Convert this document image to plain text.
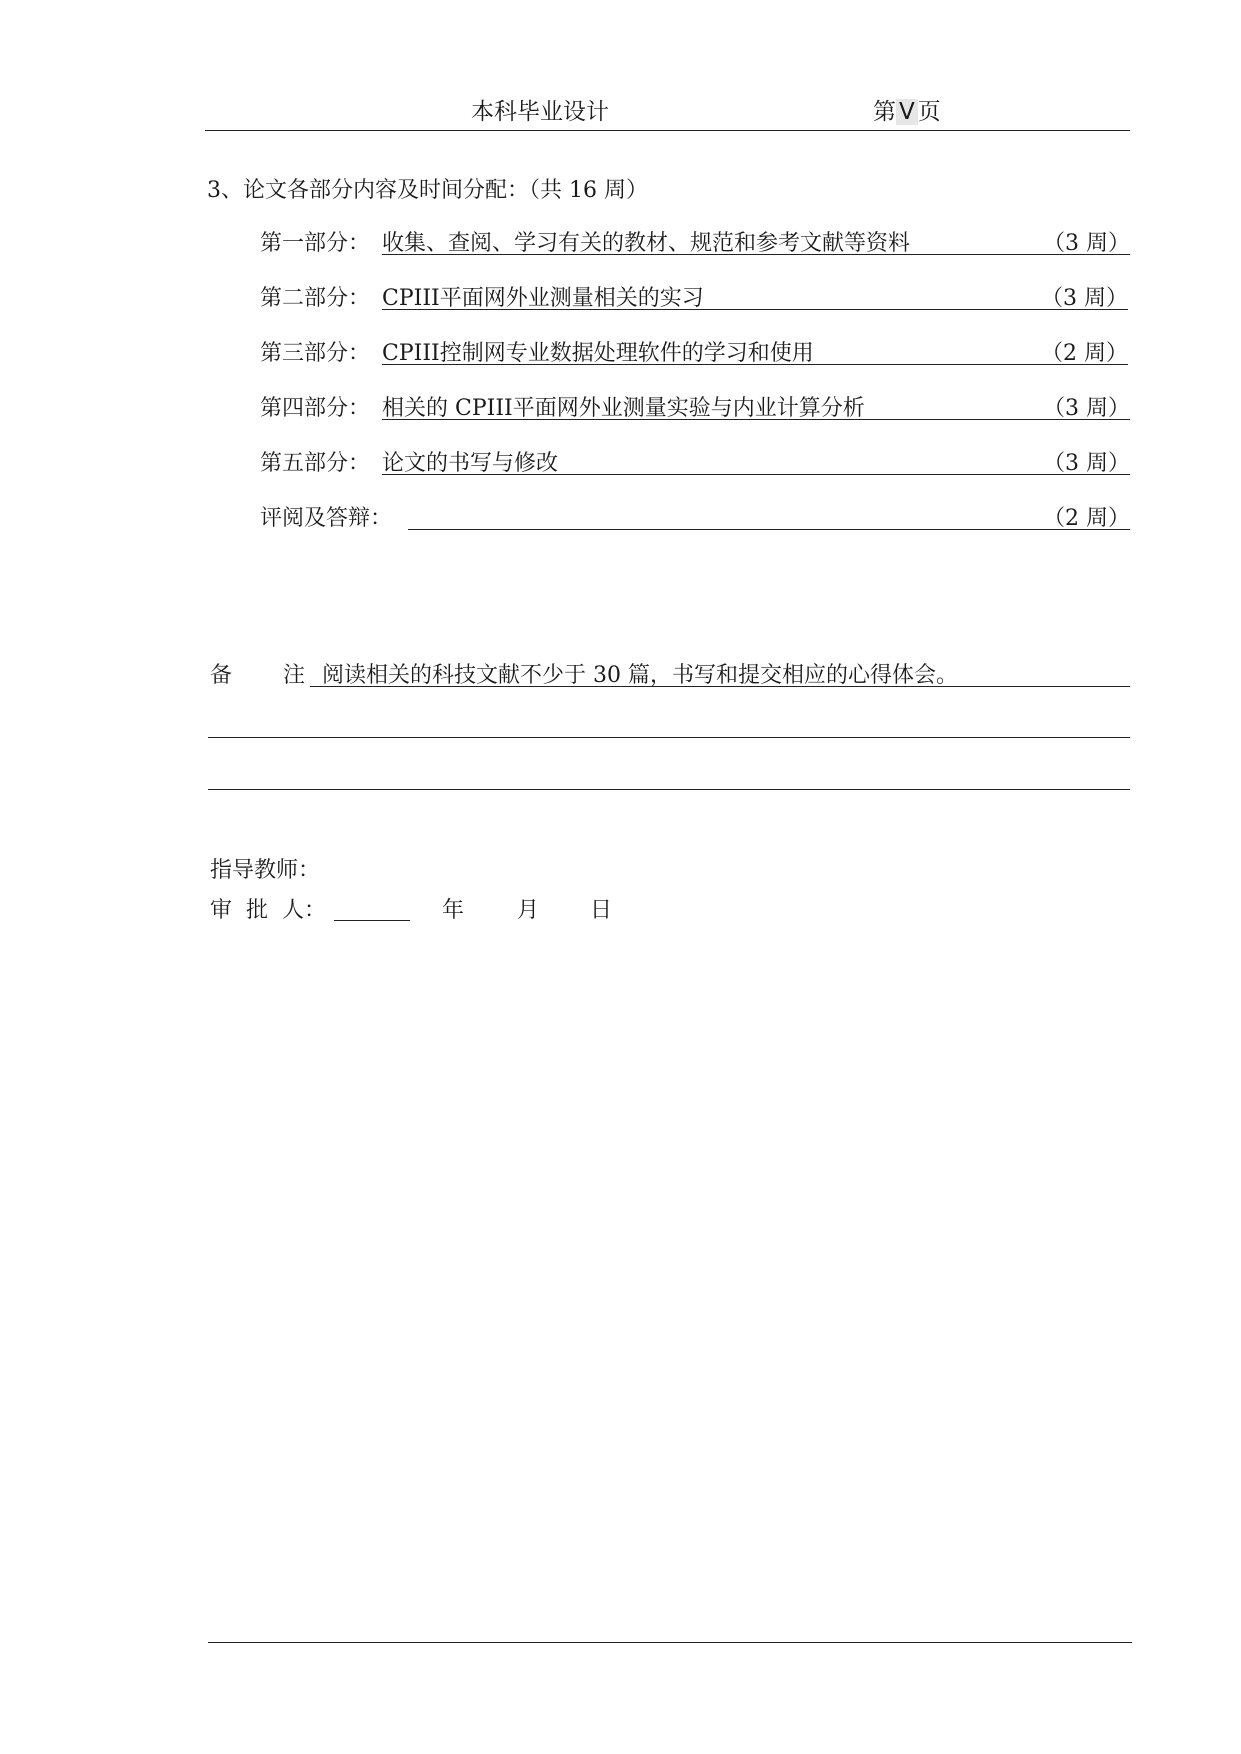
本科毕业设计	第 V 页
3、论文各部分内容及时间分配：（共 16 周）
第一部分： 收集、查阅、学习有关的教材、规范和参考文献等资料	（3 周）
第二部分： CPIII平面网外业测量相关的实习	（3 周）
第三部分： CPIII控制网专业数据处理软件的学习和使用	（2 周）
第四部分： 相关的 CPIII平面网外业测量实验与内业计算分析	（3 周）
第五部分： 论文的书写与修改	（3 周）
评阅及答辩：	（2 周）
备 注 阅读相关的科技文献不少于 30 篇，书写和提交相应的心得体会。
指导教师：
审  批  人：	年 月 日
